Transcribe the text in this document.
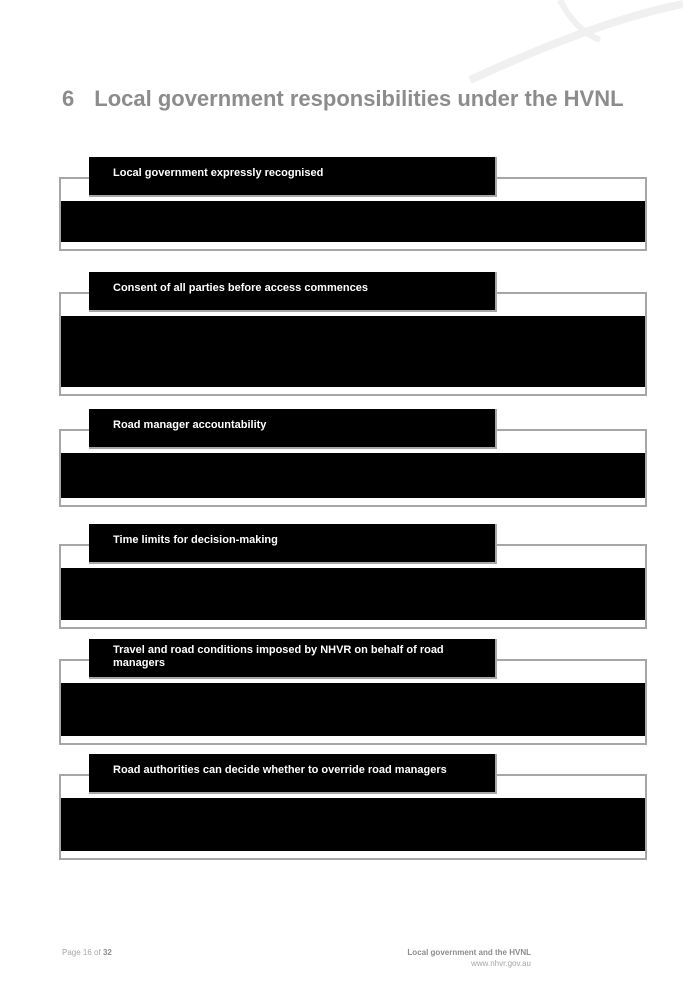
6 Local government responsibilities under the HVNL
Local government expressly recognised
Consent of all parties before access commences
Road manager accountability
Time limits for decision-making
Travel and road conditions imposed by NHVR on behalf of road managers
Road authorities can decide whether to override road managers
Page 16 of 32	Local government and the HVNL
www.nhvr.gov.au
